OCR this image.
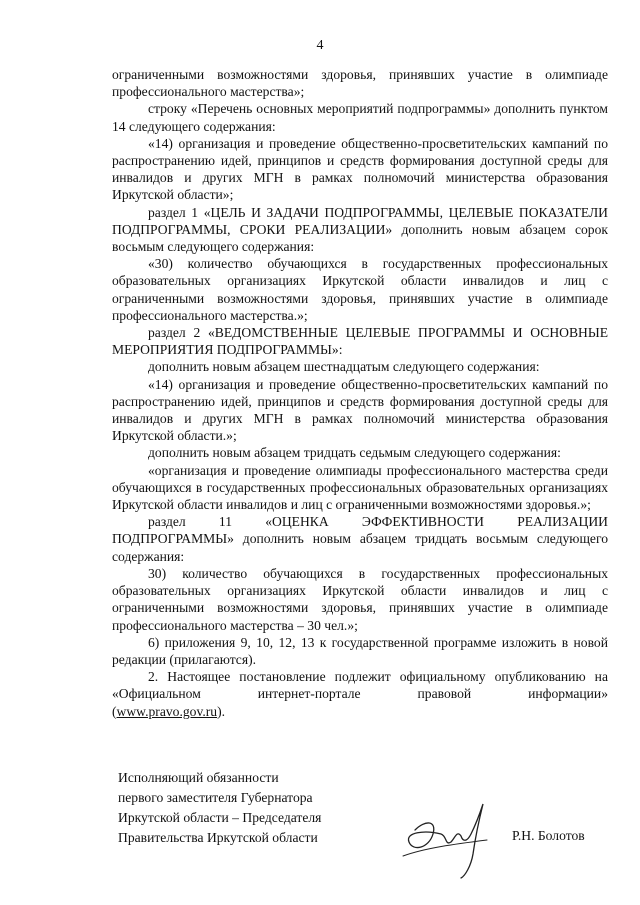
4

ограниченными возможностями здоровья, принявших участие в олимпиаде профессионального мастерства»;

строку «Перечень основных мероприятий подпрограммы» дополнить пунктом 14 следующего содержания:

«14) организация и проведение общественно-просветительских кампаний по распространению идей, принципов и средств формирования доступной среды для инвалидов и других МГН в рамках полномочий министерства образования Иркутской области»;

раздел 1 «ЦЕЛЬ И ЗАДАЧИ ПОДПРОГРАММЫ, ЦЕЛЕВЫЕ ПОКАЗАТЕЛИ ПОДПРОГРАММЫ, СРОКИ РЕАЛИЗАЦИИ» дополнить новым абзацем сорок восьмым следующего содержания:

«30) количество обучающихся в государственных профессиональных образовательных организациях Иркутской области инвалидов и лиц с ограниченными возможностями здоровья, принявших участие в олимпиаде профессионального мастерства.»;

раздел 2 «ВЕДОМСТВЕННЫЕ ЦЕЛЕВЫЕ ПРОГРАММЫ И ОСНОВНЫЕ МЕРОПРИЯТИЯ ПОДПРОГРАММЫ»:

дополнить новым абзацем шестнадцатым следующего содержания:

«14) организация и проведение общественно-просветительских кампаний по распространению идей, принципов и средств формирования доступной среды для инвалидов и других МГН в рамках полномочий министерства образования Иркутской области.»;

дополнить новым абзацем тридцать седьмым следующего содержания:

«организация и проведение олимпиады профессионального мастерства среди обучающихся в государственных профессиональных образовательных организациях Иркутской области инвалидов и лиц с ограниченными возможностями здоровья.»;

раздел 11 «ОЦЕНКА ЭФФЕКТИВНОСТИ РЕАЛИЗАЦИИ ПОДПРОГРАММЫ» дополнить новым абзацем тридцать восьмым следующего содержания:

30) количество обучающихся в государственных профессиональных образовательных организациях Иркутской области инвалидов и лиц с ограниченными возможностями здоровья, принявших участие в олимпиаде профессионального мастерства – 30 чел.»;

6) приложения 9, 10, 12, 13 к государственной программе изложить в новой редакции (прилагаются).

2. Настоящее постановление подлежит официальному опубликованию на «Официальном интернет-портале правовой информации»

(www.pravo.gov.ru).

Исполняющий обязанности
первого заместителя Губернатора
Иркутской области – Председателя
Правительства Иркутской области	Р.Н. Болотов
